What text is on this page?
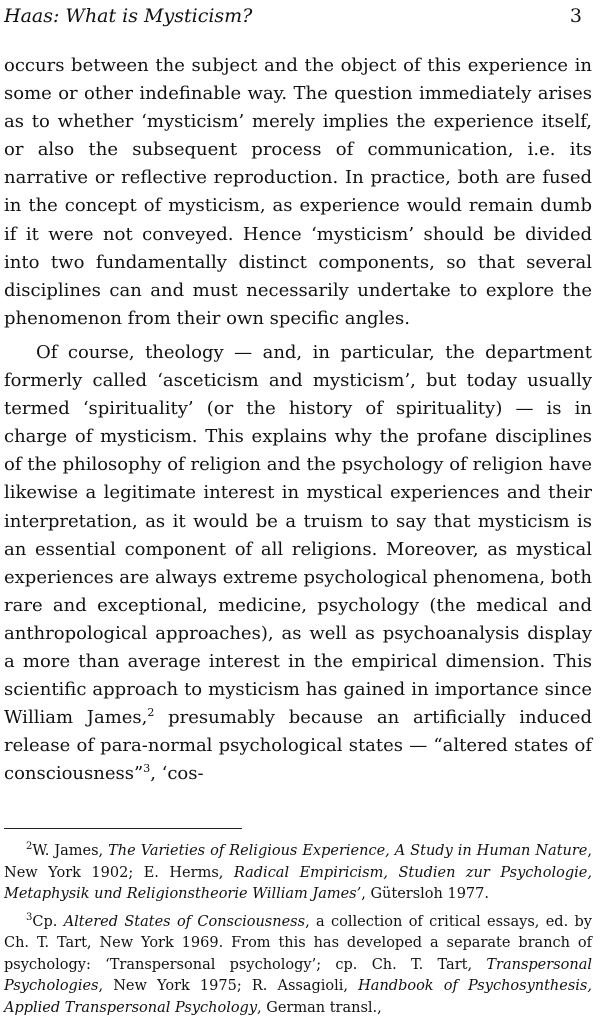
Haas: What is Mysticism?	3

occurs between the subject and the object of this experience in some or other indefinable way. The question immediately arises as to whether ‘mysticism’ merely implies the experience itself, or also the subsequent process of communication, i.e. its narrative or reflective reproduction. In practice, both are fused in the concept of mysticism, as experience would remain dumb if it were not conveyed. Hence ‘mysticism’ should be divided into two fundamentally distinct components, so that several disciplines can and must necessarily undertake to explore the phenomenon from their own specific angles.

Of course, theology — and, in particular, the department formerly called ‘asceticism and mysticism’, but today usually termed ‘spirituality’ (or the history of spirituality) — is in charge of mysticism. This explains why the profane disciplines of the philosophy of religion and the psychology of religion have likewise a legitimate interest in mystical experiences and their interpretation, as it would be a truism to say that mysticism is an essential component of all religions. Moreover, as mystical experiences are always extreme psychological phenomena, both rare and exceptional, medicine, psychology (the medical and anthropological approaches), as well as psychoanalysis display a more than average interest in the empirical dimension. This scientific approach to mysticism has gained in importance since William James,$^2$ presumably because an artificially induced release of para-normal psychological states — “altered states of consciousness”$^3$, ‘cos-

$^2$W. James, The Varieties of Religious Experience, A Study in Human Nature, New York 1902; E. Herms, Radical Empiricism, Studien zur Psychologie, Metaphysik und Religionstheorie William James’, Gütersloh 1977.

$^3$Cp. Altered States of Consciousness, a collection of critical essays, ed. by Ch. T. Tart, New York 1969. From this has developed a separate branch of psychology: ‘Transpersonal psychology’; cp. Ch. T. Tart, Transpersonal Psychologies, New York 1975; R. Assagioli, Handbook of Psychosynthesis, Applied Transpersonal Psychology, German transl.,
